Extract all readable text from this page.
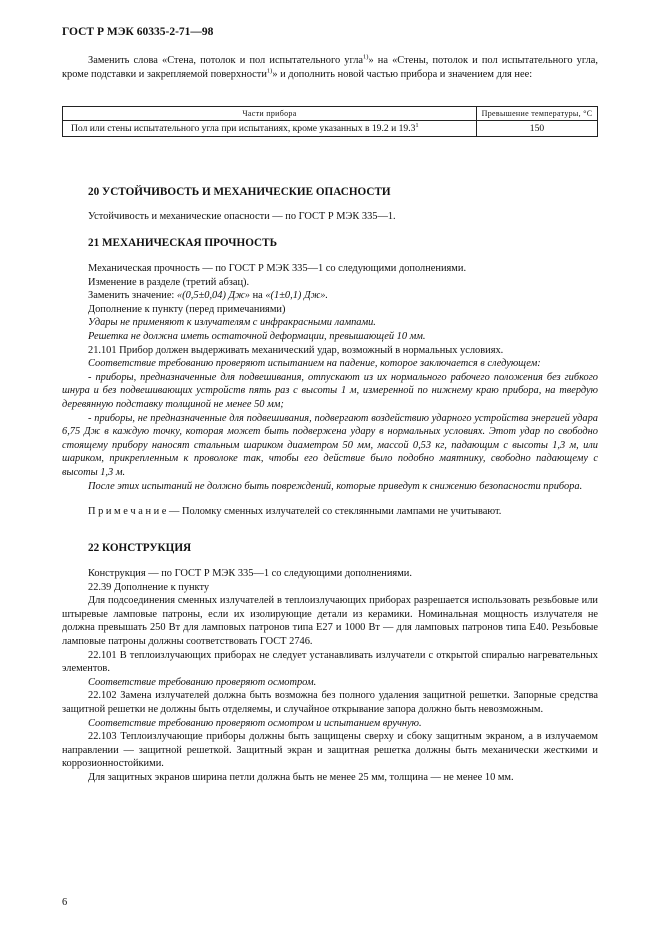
ГОСТ Р МЭК 60335-2-71—98

Заменить слова «Стена, потолок и пол испытательного угла$^{1)}$» на «Стены, потолок и пол испытательного угла, кроме подставки и закрепляемой поверхности$^{1)}$» и дополнить новой частью прибора и значением для нее:

Части прибора	Превышение температуры, °С
Пол или стены испытательного угла при испытаниях, кроме указанных в 19.2 и 19.3$^1$	150
20 УСТОЙЧИВОСТЬ И МЕХАНИЧЕСКИЕ ОПАСНОСТИ

Устойчивость и механические опасности — по ГОСТ Р МЭК 335—1.

21 МЕХАНИЧЕСКАЯ ПРОЧНОСТЬ

Механическая прочность — по ГОСТ Р МЭК 335—1 со следующими дополнениями.

Изменение в разделе (третий абзац).

Заменить значение: «(0,5±0,04) Дж» на «(1±0,1) Дж».

Дополнение к пункту (перед примечаниями)

Удары не применяют к излучателям с инфракрасными лампами.

Решетка не должна иметь остаточной деформации, превышающей 10 мм.

21.101 Прибор должен выдерживать механический удар, возможный в нормальных условиях.

Соответствие требованию проверяют испытанием на падение, которое заключается в следующем:

- приборы, предназначенные для подвешивания, отпускают из их нормального рабочего положения без гибкого шнура и без подвешивающих устройств пять раз с высоты 1 м, измеренной по нижнему краю прибора, на твердую деревянную подставку толщиной не менее 50 мм;

- приборы, не предназначенные для подвешивания, подвергают воздействию ударного устройства энергией удара 6,75 Дж в каждую точку, которая может быть подвержена удару в нормальных условиях. Этот удар по свободно стоящему прибору наносят стальным шариком диаметром 50 мм, массой 0,53 кг, падающим с высоты 1,3 м, или шариком, прикрепленным к проволоке так, чтобы его действие было подобно маятнику, свободно падающему с высоты 1,3 м.

После этих испытаний не должно быть повреждений, которые приведут к снижению безопасности прибора.

П р и м е ч а н и е — Поломку сменных излучателей со стеклянными лампами не учитывают.

22 КОНСТРУКЦИЯ

Конструкция — по ГОСТ Р МЭК 335—1 со следующими дополнениями.

22.39 Дополнение к пункту

Для подсоединения сменных излучателей в теплоизлучающих приборах разрешается использовать резьбовые или штыревые ламповые патроны, если их изолирующие детали из керамики. Номинальная мощность излучателя не должна превышать 250 Вт для ламповых патронов типа Е27 и 1000 Вт — для ламповых патронов типа Е40. Резьбовые ламповые патроны должны соответствовать ГОСТ 2746.

22.101 В теплоизлучающих приборах не следует устанавливать излучатели с открытой спиралью нагревательных элементов.

Соответствие требованию проверяют осмотром.

22.102 Замена излучателей должна быть возможна без полного удаления защитной решетки. Запорные средства защитной решетки не должны быть отделяемы, и случайное открывание запора должно быть невозможным.

Соответствие требованию проверяют осмотром и испытанием вручную.

22.103 Теплоизлучающие приборы должны быть защищены сверху и сбоку защитным экраном, а в излучаемом направлении — защитной решеткой. Защитный экран и защитная решетка должны быть механически жесткими и коррозионностойкими.

Для защитных экранов ширина петли должна быть не менее 25 мм, толщина — не менее 10 мм.

6
